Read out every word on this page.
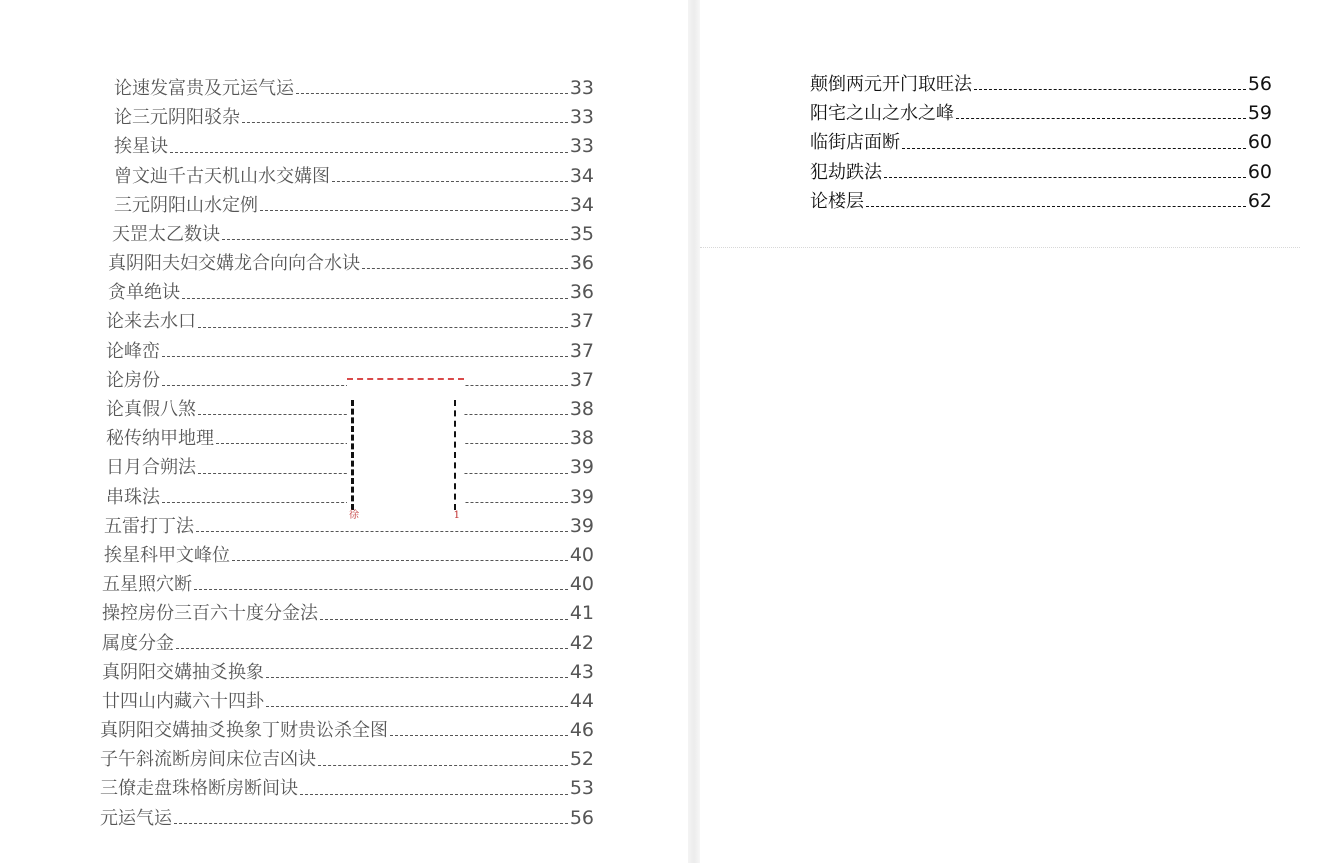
论速发富贵及元运气运	33
论三元阴阳驳杂	33
挨星诀	33
曾文辿千古天机山水交媾图	34
三元阴阳山水定例	34
天罡太乙数诀	35
真阴阳夫妇交媾龙合向向合水诀	36
贪单绝诀	36
论来去水口	37
论峰峦	37
论房份	37
论真假八煞	38
秘传纳甲地理	38
日月合朔法	39
串珠法	39
五雷打丁法	39
挨星科甲文峰位	40
五星照穴断	40
操控房份三百六十度分金法	41
属度分金	42
真阴阳交媾抽爻换象	43
廿四山内藏六十四卦	44
真阴阳交媾抽爻换象丁财贵讼杀全图	46
子午斜流断房间床位吉凶诀	52
三僚走盘珠格断房断间诀	53
元运气运	56
徐	1
颠倒两元开门取旺法	56
阳宅之山之水之峰	59
临街店面断	60
犯劫跌法	60
论楼层	62
